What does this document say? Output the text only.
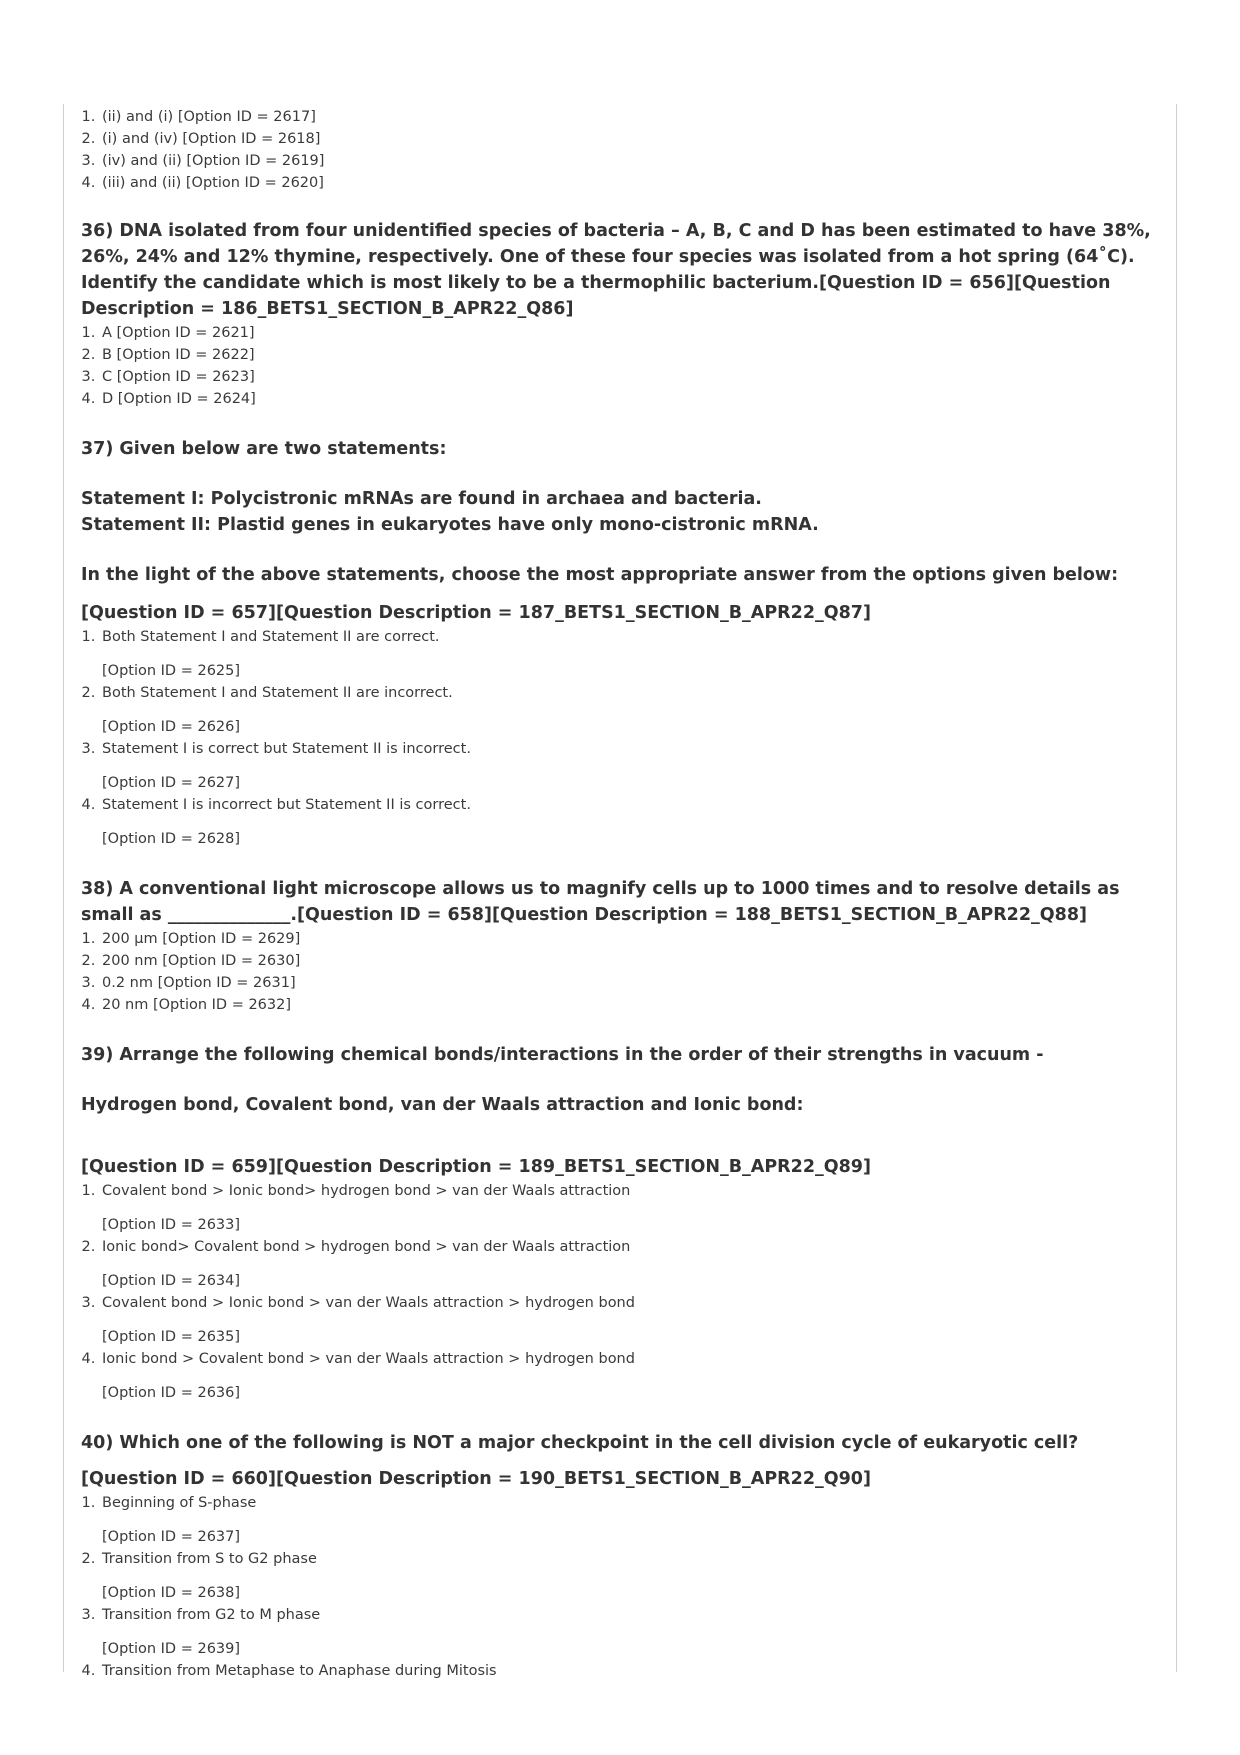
1. (ii) and (i) [Option ID = 2617]
2. (i) and (iv) [Option ID = 2618]
3. (iv) and (ii) [Option ID = 2619]
4. (iii) and (ii) [Option ID = 2620]

36) DNA isolated from four unidentified species of bacteria – A, B, C and D has been estimated to have 38%, 26%, 24% and 12% thymine, respectively. One of these four species was isolated from a hot spring (64˚C). Identify the candidate which is most likely to be a thermophilic bacterium.[Question ID = 656][Question Description = 186_BETS1_SECTION_B_APR22_Q86]

1. A [Option ID = 2621]
2. B [Option ID = 2622]
3. C [Option ID = 2623]
4. D [Option ID = 2624]

37) Given below are two statements:

Statement I: Polycistronic mRNAs are found in archaea and bacteria.

Statement II: Plastid genes in eukaryotes have only mono-cistronic mRNA.

In the light of the above statements, choose the most appropriate answer from the options given below:

[Question ID = 657][Question Description = 187_BETS1_SECTION_B_APR22_Q87]

1. Both Statement I and Statement II are correct.
[Option ID = 2625]
2. Both Statement I and Statement II are incorrect.
[Option ID = 2626]
3. Statement I is correct but Statement II is incorrect.
[Option ID = 2627]
4. Statement I is incorrect but Statement II is correct.
[Option ID = 2628]

38) A conventional light microscope allows us to magnify cells up to 1000 times and to resolve details as small as ______________.[Question ID = 658][Question Description = 188_BETS1_SECTION_B_APR22_Q88]

1. 200 µm [Option ID = 2629]
2. 200 nm [Option ID = 2630]
3. 0.2 nm [Option ID = 2631]
4. 20 nm [Option ID = 2632]

39) Arrange the following chemical bonds/interactions in the order of their strengths in vacuum -

Hydrogen bond, Covalent bond, van der Waals attraction and Ionic bond:

[Question ID = 659][Question Description = 189_BETS1_SECTION_B_APR22_Q89]

1. Covalent bond > Ionic bond> hydrogen bond > van der Waals attraction
[Option ID = 2633]
2. Ionic bond> Covalent bond > hydrogen bond > van der Waals attraction
[Option ID = 2634]
3. Covalent bond > Ionic bond > van der Waals attraction > hydrogen bond
[Option ID = 2635]
4. Ionic bond > Covalent bond > van der Waals attraction > hydrogen bond
[Option ID = 2636]

40) Which one of the following is NOT a major checkpoint in the cell division cycle of eukaryotic cell?

[Question ID = 660][Question Description = 190_BETS1_SECTION_B_APR22_Q90]

1. Beginning of S-phase
[Option ID = 2637]
2. Transition from S to G2 phase
[Option ID = 2638]
3. Transition from G2 to M phase
[Option ID = 2639]
4. Transition from Metaphase to Anaphase during Mitosis
